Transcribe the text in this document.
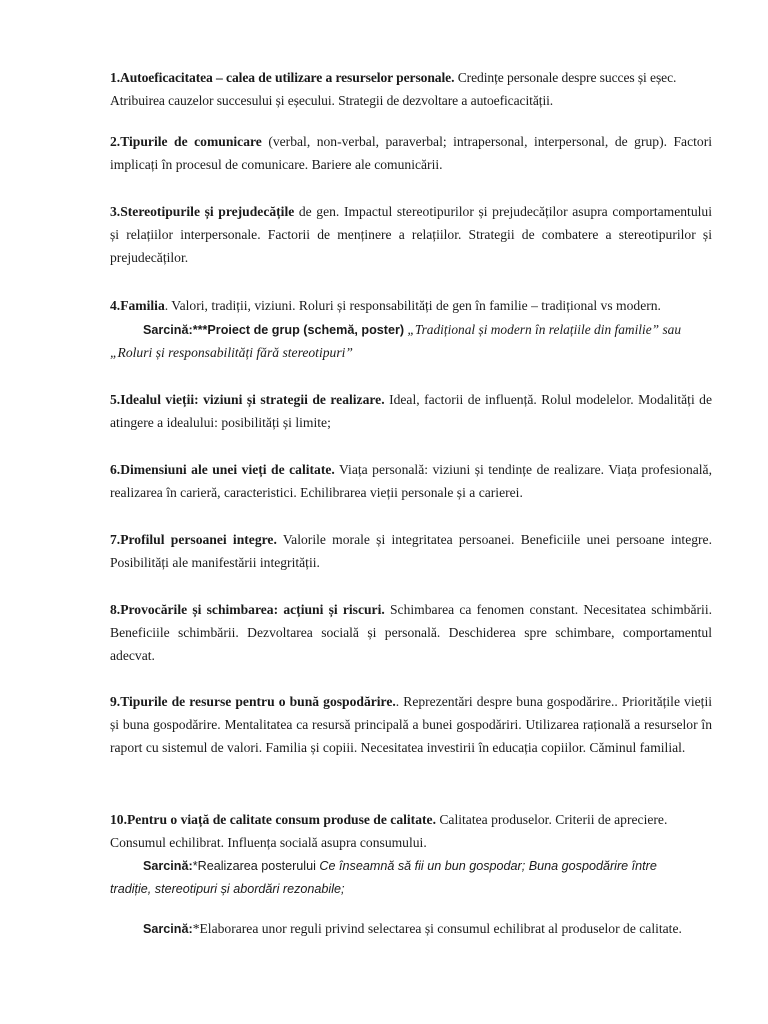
1.Autoeficacitatea – calea de utilizare a resurselor personale. Credințe personale despre succes și eșec. Atribuirea cauzelor succesului și eșecului. Strategii de dezvoltare a autoeficacității.

2.Tipurile de comunicare (verbal, non-verbal, paraverbal; intrapersonal, interpersonal, de grup). Factori implicați în procesul de comunicare. Bariere ale comunicării.

3.Stereotipurile și prejudecățile de gen. Impactul stereotipurilor și prejudecăților asupra comportamentului și relațiilor interpersonale. Factorii de menținere a relațiilor. Strategii de combatere a stereotipurilor și prejudecăților.

4.Familia. Valori, tradiții, viziuni. Roluri și responsabilități de gen în familie – tradițional vs modern.

Sarcină:***Proiect de grup (schemă, poster) „Tradițional și modern în relațiile din familie” sau

„Roluri și responsabilități fără stereotipuri”

5.Idealul vieții: viziuni și strategii de realizare. Ideal, factorii de influență. Rolul modelelor. Modalități de atingere a idealului: posibilități și limite;

6.Dimensiuni ale unei vieți de calitate. Viața personală: viziuni și tendințe de realizare. Viața profesională, realizarea în carieră, caracteristici. Echilibrarea vieții personale și a carierei.

7.Profilul persoanei integre. Valorile morale și integritatea persoanei. Beneficiile unei persoane integre. Posibilități ale manifestării integrității.

8.Provocările și schimbarea: acțiuni și riscuri. Schimbarea ca fenomen constant. Necesitatea schimbării. Beneficiile schimbării. Dezvoltarea socială și personală. Deschiderea spre schimbare, comportamentul adecvat.

9.Tipurile de resurse pentru o bună gospodărire.. Reprezentări despre buna gospodărire.. Prioritățile vieții și buna gospodărire. Mentalitatea ca resursă principală a bunei gospodăriri. Utilizarea rațională a resurselor în raport cu sistemul de valori. Familia și copiii. Necesitatea investirii în educația copiilor. Căminul familial.

10.Pentru o viață de calitate consum produse de calitate. Calitatea produselor. Criterii de apreciere. Consumul echilibrat. Influența socială asupra consumului.

Sarcină:*Realizarea posterului Ce înseamnă să fii un bun gospodar; Buna gospodărire între

tradiție, stereotipuri și abordări rezonabile;

Sarcină:*Elaborarea unor reguli privind selectarea și consumul echilibrat al produselor de calitate.
